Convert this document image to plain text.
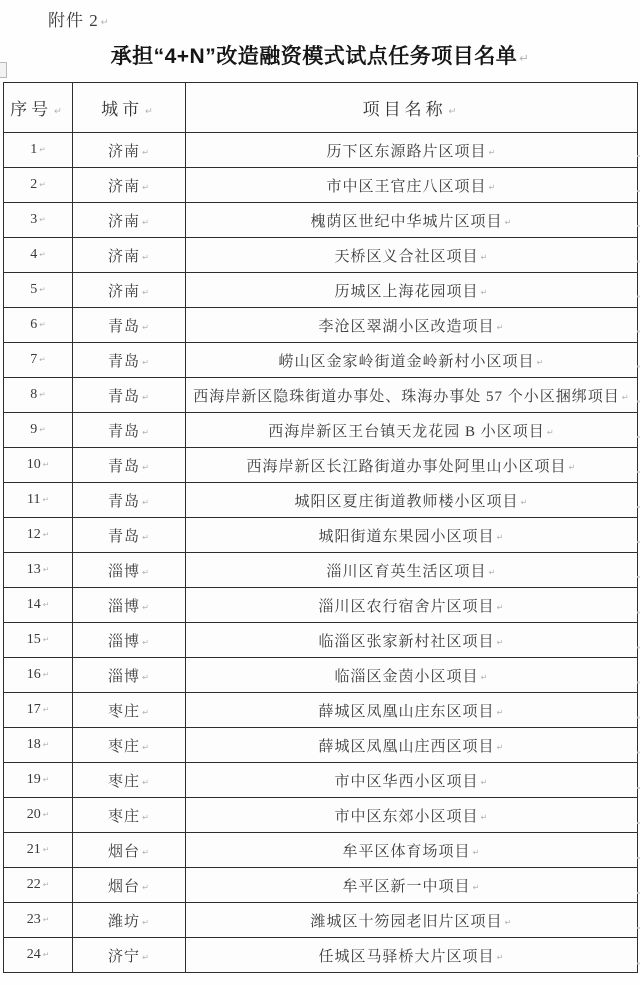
附件 2 ↵
承担“4+N”改造融资模式试点任务项目名单 ↵
序号 ↵	城市 ↵	项目名称 ↵
1 ↵	济南 ↵	历下区东源路片区项目 ↵
2 ↵	济南 ↵	市中区王官庄八区项目 ↵
3 ↵	济南 ↵	槐荫区世纪中华城片区项目 ↵
4 ↵	济南 ↵	天桥区义合社区项目 ↵
5 ↵	济南 ↵	历城区上海花园项目 ↵
6 ↵	青岛 ↵	李沧区翠湖小区改造项目 ↵
7 ↵	青岛 ↵	崂山区金家岭街道金岭新村小区项目 ↵
8 ↵	青岛 ↵	西海岸新区隐珠街道办事处、珠海办事处 57 个小区捆绑项目 ↵
9 ↵	青岛 ↵	西海岸新区王台镇天龙花园 B 小区项目 ↵
10 ↵	青岛 ↵	西海岸新区长江路街道办事处阿里山小区项目 ↵
11 ↵	青岛 ↵	城阳区夏庄街道教师楼小区项目 ↵
12 ↵	青岛 ↵	城阳街道东果园小区项目 ↵
13 ↵	淄博 ↵	淄川区育英生活区项目 ↵
14 ↵	淄博 ↵	淄川区农行宿舍片区项目 ↵
15 ↵	淄博 ↵	临淄区张家新村社区项目 ↵
16 ↵	淄博 ↵	临淄区金茵小区项目 ↵
17 ↵	枣庄 ↵	薛城区凤凰山庄东区项目 ↵
18 ↵	枣庄 ↵	薛城区凤凰山庄西区项目 ↵
19 ↵	枣庄 ↵	市中区华西小区项目 ↵
20 ↵	枣庄 ↵	市中区东郊小区项目 ↵
21 ↵	烟台 ↵	牟平区体育场项目 ↵
22 ↵	烟台 ↵	牟平区新一中项目 ↵
23 ↵	潍坊 ↵	潍城区十笏园老旧片区项目 ↵
24 ↵	济宁 ↵	任城区马驿桥大片区项目 ↵
